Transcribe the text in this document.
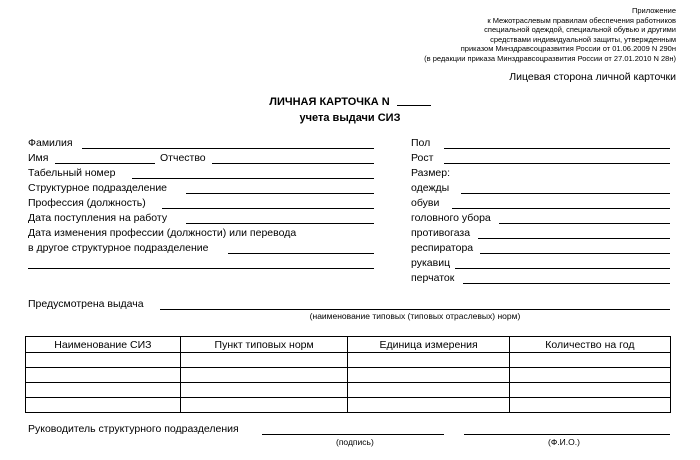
Приложение
к Межотраслевым правилам обеспечения работников
специальной одеждой, специальной обувью и другими
средствами индивидуальной защиты, утвержденным
приказом Минздравсоцразвития России от 01.06.2009 N 290н
(в редакции приказа Минздравсоцразвития России от 27.01.2010 N 28н)
Лицевая сторона личной карточки
ЛИЧНАЯ КАРТОЧКА N
учета выдачи СИЗ
Фамилия
Имя	Отчество
Табельный номер
Структурное подразделение
Профессия (должность)
Дата поступления на работу
Дата изменения профессии (должности) или перевода
в другое структурное подразделение
Пол
Рост
Размер:
одежды
обуви
головного убора
противогаза
респиратора
рукавиц
перчаток
Предусмотрена выдача
(наименование типовых (типовых отраслевых) норм)
Наименование СИЗ	Пункт типовых норм	Единица измерения	Количество на год

Руководитель структурного подразделения
(подпись)	(Ф.И.О.)
